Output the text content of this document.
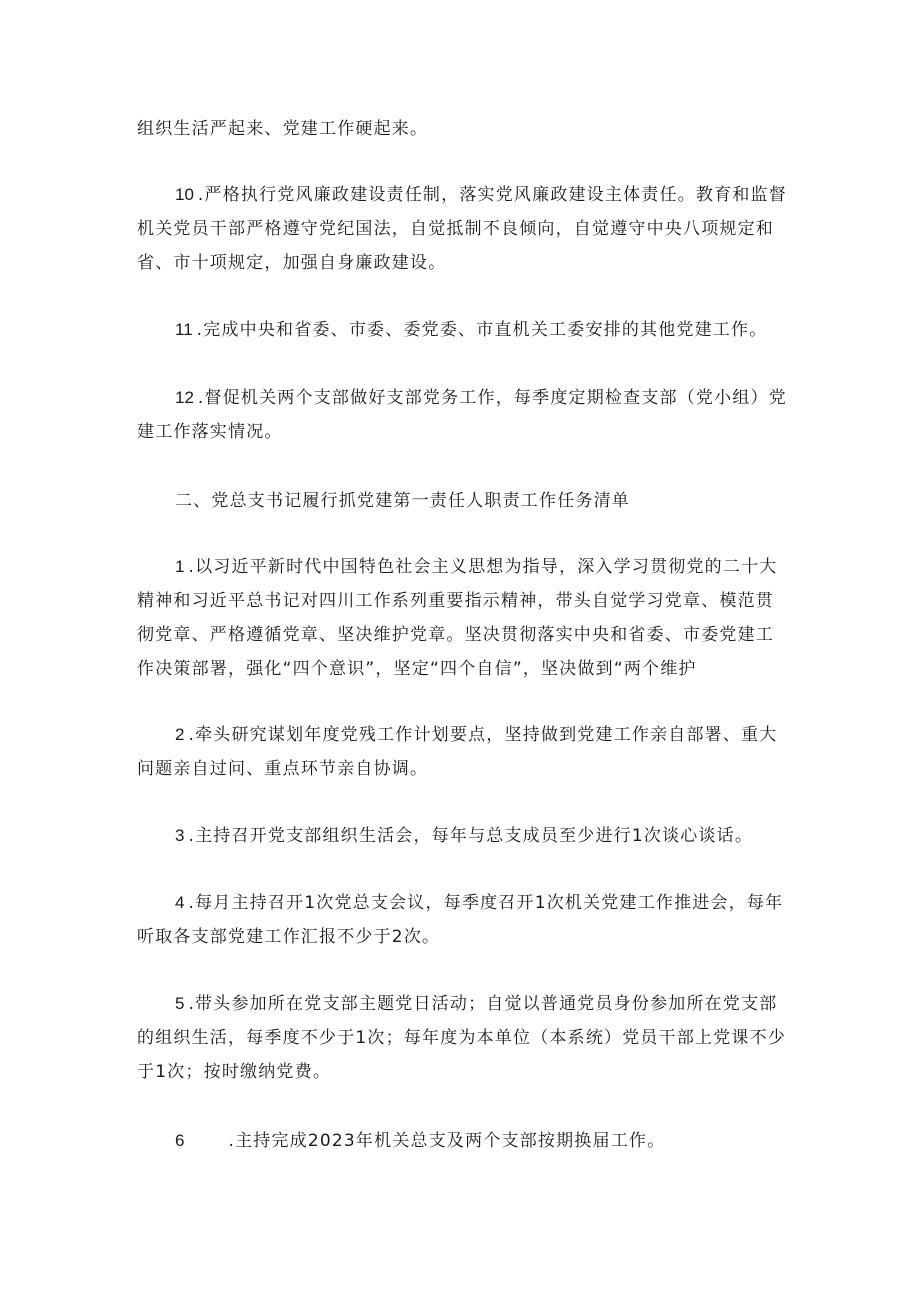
组织生活严起来、党建工作硬起来。

10 .严格执行党风廉政建设责任制，落实党风廉政建设主体责任。教育和监督机关党员干部严格遵守党纪国法，自觉抵制不良倾向，自觉遵守中央八项规定和省、市十项规定，加强自身廉政建设。

11 .完成中央和省委、市委、委党委、市直机关工委安排的其他党建工作。

12 .督促机关两个支部做好支部党务工作，每季度定期检查支部（党小组）党建工作落实情况。

二、党总支书记履行抓党建第一责任人职责工作任务清单

1 .以习近平新时代中国特色社会主义思想为指导，深入学习贯彻党的二十大精神和习近平总书记对四川工作系列重要指示精神，带头自觉学习党章、模范贯彻党章、严格遵循党章、坚决维护党章。坚决贯彻落实中央和省委、市委党建工作决策部署，强化“四个意识”，坚定“四个自信”，坚决做到“两个维护

2 .牵头研究谋划年度党残工作计划要点，坚持做到党建工作亲自部署、重大问题亲自过问、重点环节亲自协调。

3 .主持召开党支部组织生活会，每年与总支成员至少进行1次谈心谈话。

4 .每月主持召开1次党总支会议，每季度召开1次机关党建工作推进会，每年听取各支部党建工作汇报不少于2次。

5 .带头参加所在党支部主题党日活动；自觉以普通党员身份参加所在党支部的组织生活，每季度不少于1次；每年度为本单位（本系统）党员干部上党课不少于1次；按时缴纳党费。

6	.主持完成2023年机关总支及两个支部按期换届工作。
